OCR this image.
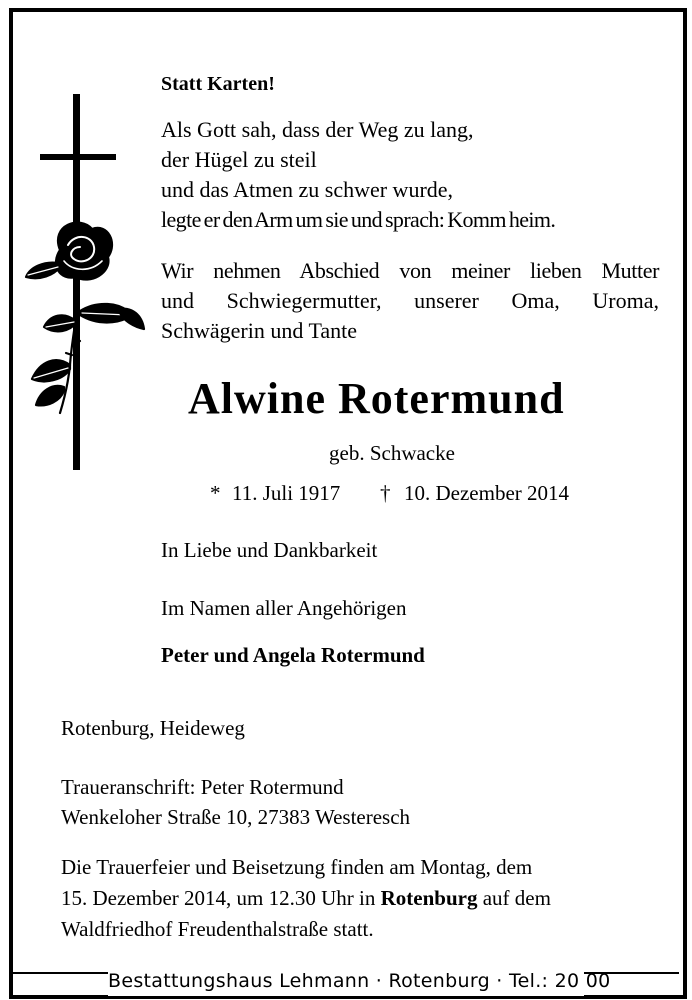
Statt Karten!

Als Gott sah, dass der Weg zu lang,

der Hügel zu steil

und das Atmen zu schwer wurde,

legte er den Arm um sie und sprach: Komm heim.

Wir nehmen Abschied von meiner lieben Mutter

und Schwiegermutter, unserer Oma, Uroma,

Schwägerin und Tante

Alwine Rotermund

geb. Schwacke

* 11. Juli 1917 † 10. Dezember 2014

In Liebe und Dankbarkeit

Im Namen aller Angehörigen

Peter und Angela Rotermund

Rotenburg, Heideweg

Traueranschrift: Peter Rotermund

Wenkeloher Straße 10, 27383 Westeresch

Die Trauerfeier und Beisetzung finden am Montag, dem

15. Dezember 2014, um 12.30 Uhr in Rotenburg auf dem

Waldfriedhof Freudenthalstraße statt.

Bestattungshaus Lehmann · Rotenburg · Tel.: 20 00
